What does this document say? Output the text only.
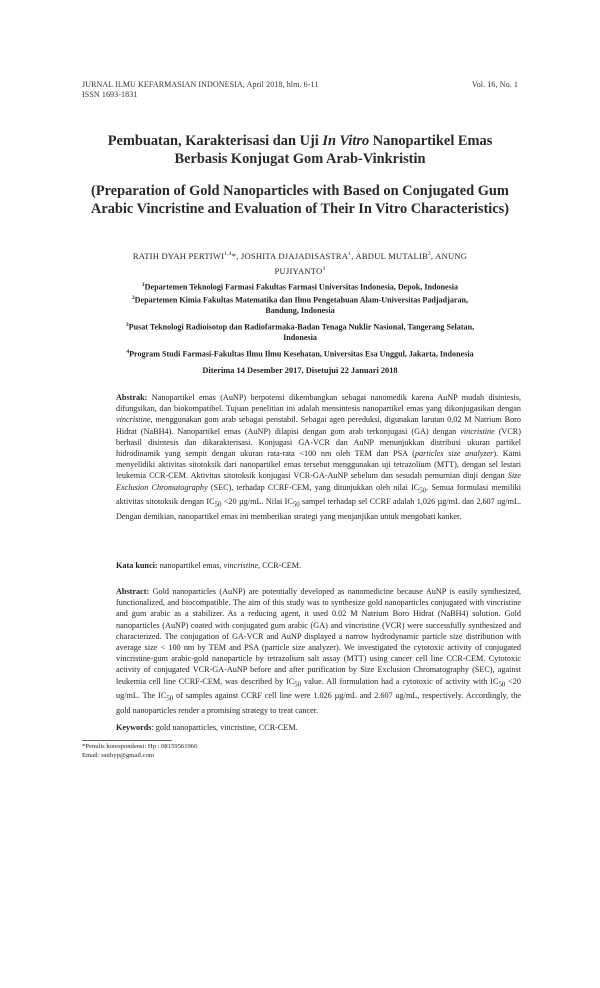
JURNAL ILMU KEFARMASIAN INDONESIA, April 2018, hlm. 6-11
ISSN 1693-1831
Vol. 16, No. 1
Pembuatan, Karakterisasi dan Uji In Vitro Nanopartikel Emas Berbasis Konjugat Gom Arab-Vinkristin
(Preparation of Gold Nanoparticles with Based on Conjugated Gum Arabic Vincristine and Evaluation of Their In Vitro Characteristics)
RATIH DYAH PERTIWI$^{1,4}$*, JOSHITA DJAJADISASTRA$^1$, ABDUL MUTALIB$^2$, ANUNG PUJIYANTO$^3$
$^1$Departemen Teknologi Farmasi Fakultas Farmasi Universitas Indonesia, Depok, Indonesia
$^2$Departemen Kimia Fakultas Matematika dan Ilmu Pengetahuan Alam-Universitas Padjadjaran, Bandung, Indonesia
$^3$Pusat Teknologi Radioisotop dan Radiofarmaka-Badan Tenaga Nuklir Nasional, Tangerang Selatan, Indonesia
$^4$Program Studi Farmasi-Fakultas Ilmu Ilmu Kesehatan, Universitas Esa Unggul, Jakarta, Indonesia
Diterima 14 Desember 2017, Disetujui 22 Januari 2018
Abstrak: Nanopartikel emas (AuNP) berpotensi dikembangkan sebagai nanomedik karena AuNP mudah disintesis, difungsikan, dan biokompatibel. Tujuan penelitian ini adalah mensintesis nanopartikel emas yang dikonjugasikan dengan vincristine, menggunakan gom arab sebagai penstabil. Sebagai agen pereduksi, digunakan larutan 0,02 M Natrium Boro Hidrat (NaBH4). Nanopartikel emas (AuNP) dilapisi dengan gom arab terkonjugasi (GA) dengan vincristine (VCR) berhasil disintesis dan dikarakterisasi. Konjugasi GA-VCR dan AuNP menunjukkan distribusi ukuran partikel hidrodinamik yang sempit dengan ukuran rata-rata <100 nm oleh TEM dan PSA (particles size analyzer). Kami menyelidiki aktivitas sitotoksik dari nanopartikel emas tersebut menggunakan uji tetrazolium (MTT), dengan sel lestari leukemia CCR-CEM. Aktivitas sitotoksik konjugasi VCR-GA-AuNP sebelum dan sesudah pemurnian diuji dengan Size Exclusion Chromatography (SEC), terhadap CCRF-CEM, yang ditunjukkan oleh nilai $IC_{50}$. Semua formulasi memiliki aktivitas sitotoksik dengan $IC_{50} <20$ µg/mL. Nilai $IC_{50}$ sampel terhadap sel CCRF adalah 1,026 µg/mL dan 2,607 ug/mL. Dengan demikian, nanopartikel emas ini memberikan strategi yang menjanjikan untuk mengobati kanker.
Kata kunci: nanopartikel emas, vincristine, CCR-CEM.
Abstract: Gold nanoparticles (AuNP) are potentially developed as nanomedicine because AuNP is easily synthesized, functionalized, and biocompatible. The aim of this study was to synthesize gold nanoparticles conjugated with vincristine and gum arabic as a stabilizer. As a reducing agent, it used 0.02 M Natrium Boro Hidrat (NaBH4) solution. Gold nanoparticles (AuNP) coated with conjugated gum arabic (GA) and vincristine (VCR) were successfully synthesized and characterized. The conjugation of GA-VCR and AuNP displayed a narrow hydrodynamic particle size distribution with average size < 100 nm by TEM and PSA (particle size analyzer). We investigated the cytotoxic activity of conjugated vincristine-gum arabic-gold nanoparticle by tetrazolium salt assay (MTT) using cancer cell line CCR-CEM. Cytotoxic activity of conjugated VCR-GA-AuNP before and after purification by Size Exclusion Chromatography (SEC), against leukemia cell line CCRF-CEM, was described by $IC_{50}$ value. All formulation had a cytotoxic of activity with $IC_{50} <20$ ug/mL. The $IC_{50}$ of samples against CCRF cell line were 1.026 µg/mL and 2.607 ug/mL, respectively. Accordingly, the gold nanoparticles render a promising strategy to treat cancer.
Keywords: gold nanoparticles, vincristine, CCR-CEM.
*Penulis korespondensi: Hp : 08159561966
Email: ratihyp@gmail.com
